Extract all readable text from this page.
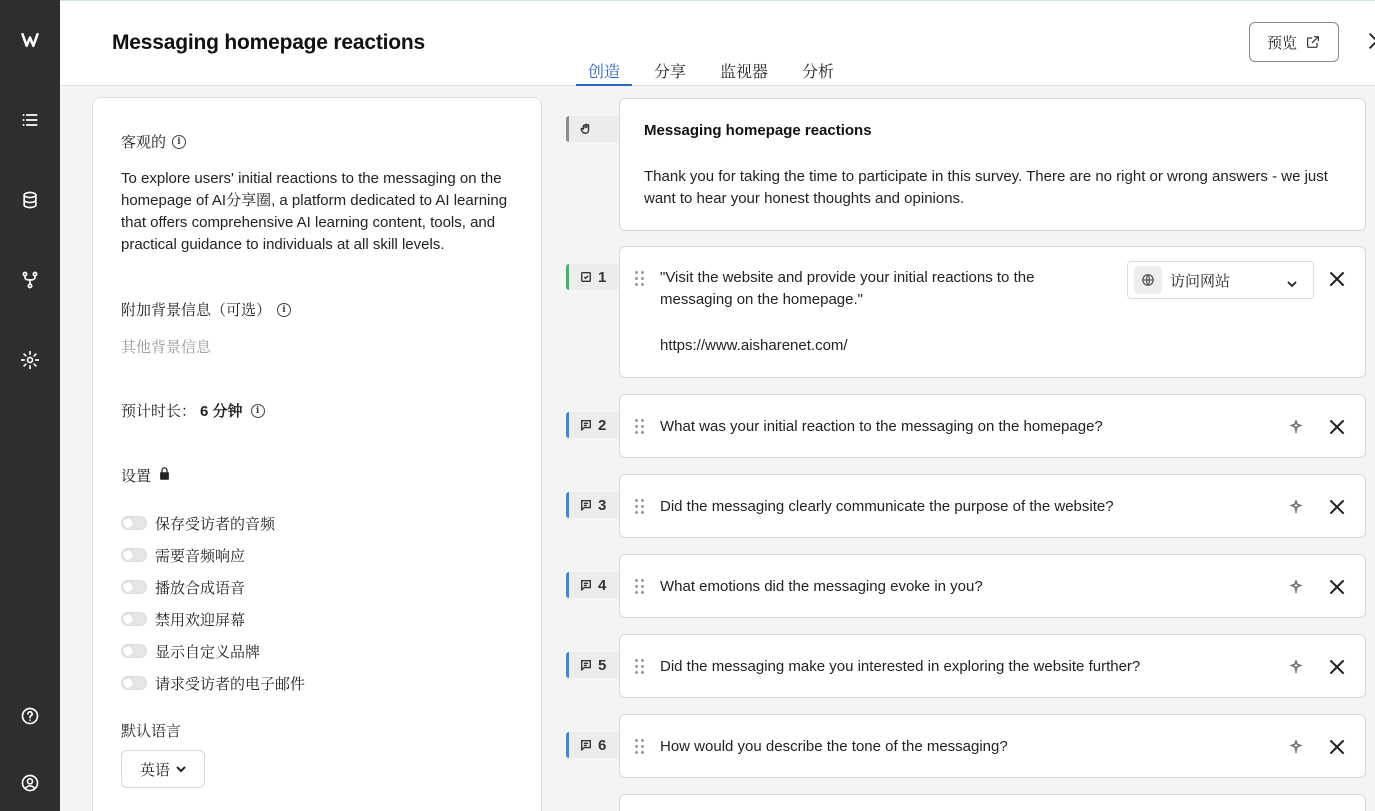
Messaging homepage reactions
创造 分享 监视器 分析
预览
客观的	i
To explore users' initial reactions to the messaging on the homepage of AI分享圈, a platform dedicated to AI learning that offers comprehensive AI learning content, tools, and practical guidance to individuals at all skill levels.
附加背景信息（可选）	i
其他背景信息
预计时长： 6 分钟	i
设置
保存受访者的音频
需要音频响应
播放合成语音
禁用欢迎屏幕
显示自定义品牌
请求受访者的电子邮件
默认语言
英语
Messaging homepage reactions
Thank you for taking the time to participate in this survey. There are no right or wrong answers - we just want to hear your honest thoughts and opinions.
1	"Visit the website and provide your initial reactions to the messaging on the homepage."
https://www.aisharenet.com/
访问网站
2	What was your initial reaction to the messaging on the homepage?
3	Did the messaging clearly communicate the purpose of the website?
4	What emotions did the messaging evoke in you?
5	Did the messaging make you interested in exploring the website further?
6	How would you describe the tone of the messaging?
